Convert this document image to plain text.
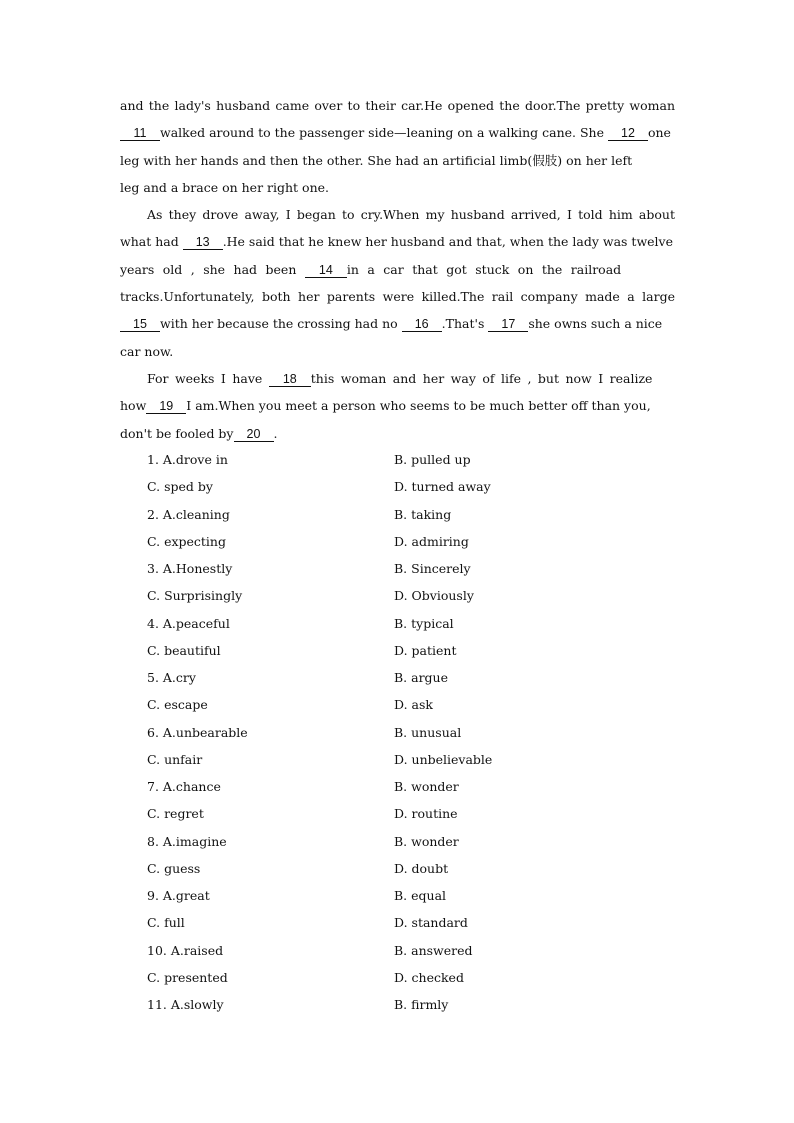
and the lady's husband came over to their car.He opened the door.The pretty woman
11 walked around to the passenger side—leaning on a walking cane. She 12 one
leg with her hands and then the other. She had an artificial limb(假肢) on her left
leg and a brace on her right one.
As they drove away, I began to cry.When my husband arrived, I told him about
what had 13 .He said that he knew her husband and that, when the lady was twelve
years old , she had been 14 in a car that got stuck on the railroad
tracks.Unfortunately, both her parents were killed.The rail company made a large
15 with her because the crossing had no 16 .That's 17 she owns such a nice
car now.
For weeks I have 18 this woman and her way of life , but now I realize
how 19 I am.When you meet a person who seems to be much better off than you,
don't be fooled by 20 .
1. A.drove in	B. pulled up
C. sped by	D. turned away
2. A.cleaning	B. taking
C. expecting	D. admiring
3. A.Honestly	B. Sincerely
C. Surprisingly	D. Obviously
4. A.peaceful	B. typical
C. beautiful	D. patient
5. A.cry	B. argue
C. escape	D. ask
6. A.unbearable	B. unusual
C. unfair	D. unbelievable
7. A.chance	B. wonder
C. regret	D. routine
8. A.imagine	B. wonder
C. guess	D. doubt
9. A.great	B. equal
C. full	D. standard
10. A.raised	B. answered
C. presented	D. checked
11. A.slowly	B. firmly
